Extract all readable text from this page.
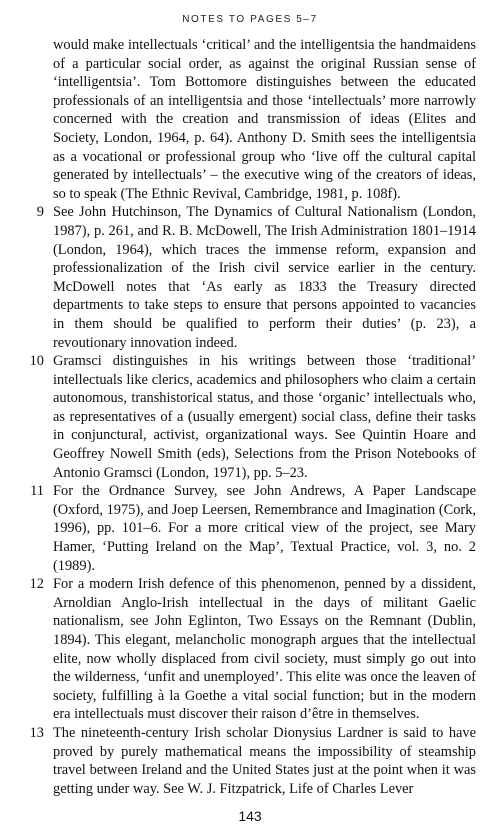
NOTES TO PAGES 5–7

would make intellectuals ‘critical’ and the intelligentsia the handmaidens of a particular social order, as against the original Russian sense of ‘intelligentsia’. Tom Bottomore distinguishes between the educated professionals of an intelligentsia and those ‘intellectuals’ more narrowly concerned with the creation and transmission of ideas (Elites and Society, London, 1964, p. 64). Anthony D. Smith sees the intelligentsia as a vocational or professional group who ‘live off the cultural capital generated by intellectuals’ – the executive wing of the creators of ideas, so to speak (The Ethnic Revival, Cambridge, 1981, p. 108f).

9 See John Hutchinson, The Dynamics of Cultural Nationalism (London, 1987), p. 261, and R. B. McDowell, The Irish Administration 1801–1914 (London, 1964), which traces the immense reform, expansion and professionalization of the Irish civil service earlier in the century. McDowell notes that ‘As early as 1833 the Treasury directed departments to take steps to ensure that persons appointed to vacancies in them should be qualified to perform their duties’ (p. 23), a revoutionary innovation indeed.

10 Gramsci distinguishes in his writings between those ‘traditional’ intellectuals like clerics, academics and philosophers who claim a certain autonomous, transhistorical status, and those ‘organic’ intellectuals who, as representatives of a (usually emergent) social class, define their tasks in conjunctural, activist, organizational ways. See Quintin Hoare and Geoffrey Nowell Smith (eds), Selections from the Prison Notebooks of Antonio Gramsci (London, 1971), pp. 5–23.

11 For the Ordnance Survey, see John Andrews, A Paper Landscape (Oxford, 1975), and Joep Leersen, Remembrance and Imagination (Cork, 1996), pp. 101–6. For a more critical view of the project, see Mary Hamer, ‘Putting Ireland on the Map’, Textual Practice, vol. 3, no. 2 (1989).

12 For a modern Irish defence of this phenomenon, penned by a dissident, Arnoldian Anglo-Irish intellectual in the days of militant Gaelic nationalism, see John Eglinton, Two Essays on the Remnant (Dublin, 1894). This elegant, melancholic monograph argues that the intellectual elite, now wholly displaced from civil society, must simply go out into the wilderness, ‘unfit and unemployed’. This elite was once the leaven of society, fulfilling à la Goethe a vital social function; but in the modern era intellectuals must discover their raison d’être in themselves.

13 The nineteenth-century Irish scholar Dionysius Lardner is said to have proved by purely mathematical means the impossibility of steamship travel between Ireland and the United States just at the point when it was getting under way. See W. J. Fitzpatrick, Life of Charles Lever

143
